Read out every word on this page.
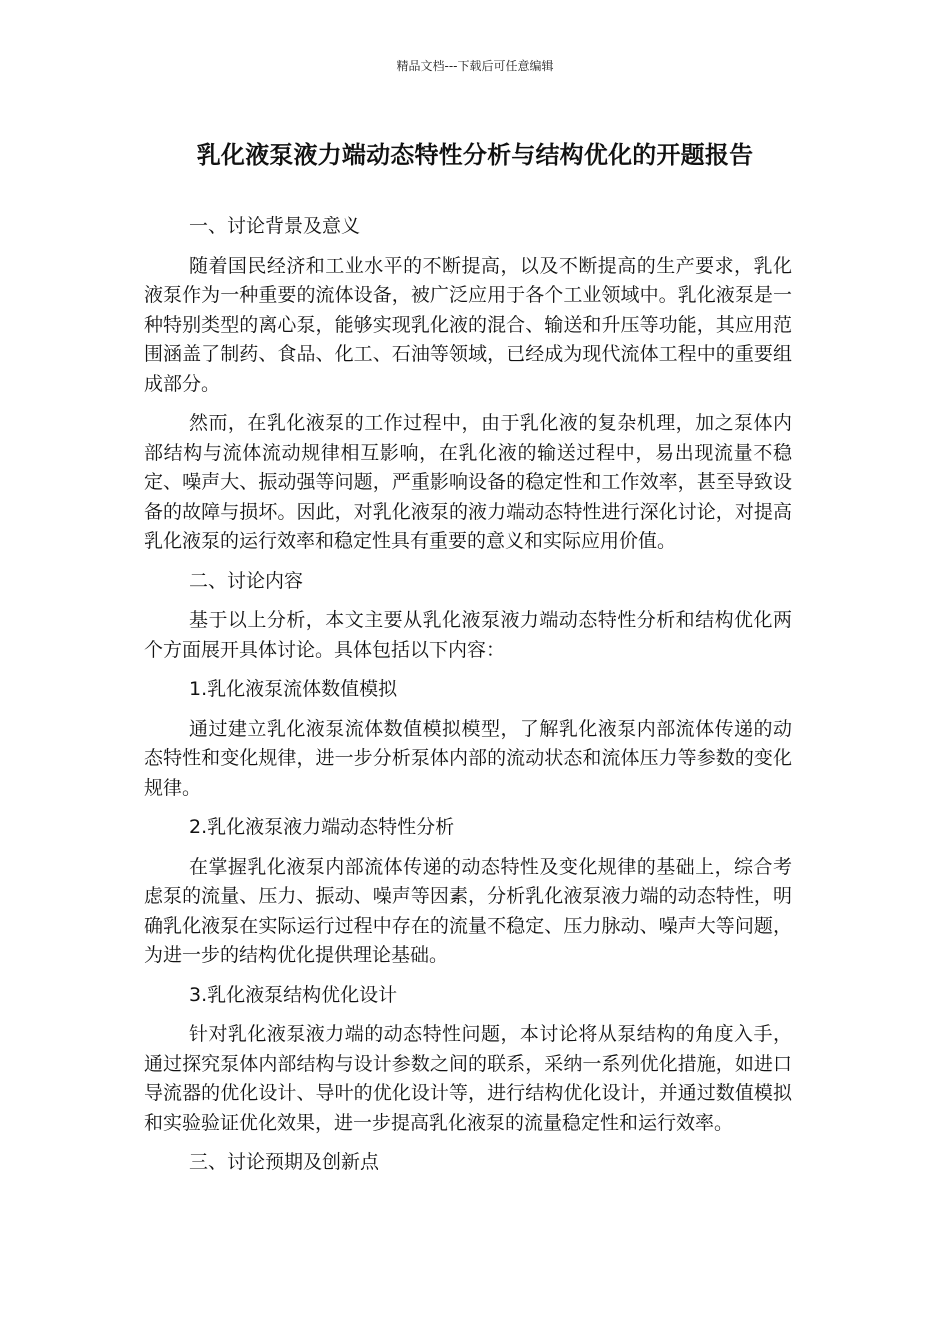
精品文档---下载后可任意编辑
乳化液泵液力端动态特性分析与结构优化的开题报告

一、讨论背景及意义

随着国民经济和工业水平的不断提高，以及不断提高的生产要求，乳化液泵作为一种重要的流体设备，被广泛应用于各个工业领域中。乳化液泵是一种特别类型的离心泵，能够实现乳化液的混合、输送和升压等功能，其应用范围涵盖了制药、食品、化工、石油等领域，已经成为现代流体工程中的重要组成部分。

然而，在乳化液泵的工作过程中，由于乳化液的复杂机理，加之泵体内部结构与流体流动规律相互影响，在乳化液的输送过程中，易出现流量不稳定、噪声大、振动强等问题，严重影响设备的稳定性和工作效率，甚至导致设备的故障与损坏。因此，对乳化液泵的液力端动态特性进行深化讨论，对提高乳化液泵的运行效率和稳定性具有重要的意义和实际应用价值。

二、讨论内容

基于以上分析，本文主要从乳化液泵液力端动态特性分析和结构优化两个方面展开具体讨论。具体包括以下内容：

1.乳化液泵流体数值模拟

通过建立乳化液泵流体数值模拟模型，了解乳化液泵内部流体传递的动态特性和变化规律，进一步分析泵体内部的流动状态和流体压力等参数的变化规律。

2.乳化液泵液力端动态特性分析

在掌握乳化液泵内部流体传递的动态特性及变化规律的基础上，综合考虑泵的流量、压力、振动、噪声等因素，分析乳化液泵液力端的动态特性，明确乳化液泵在实际运行过程中存在的流量不稳定、压力脉动、噪声大等问题，为进一步的结构优化提供理论基础。

3.乳化液泵结构优化设计

针对乳化液泵液力端的动态特性问题，本讨论将从泵结构的角度入手，通过探究泵体内部结构与设计参数之间的联系，采纳一系列优化措施，如进口导流器的优化设计、导叶的优化设计等，进行结构优化设计，并通过数值模拟和实验验证优化效果，进一步提高乳化液泵的流量稳定性和运行效率。

三、讨论预期及创新点
